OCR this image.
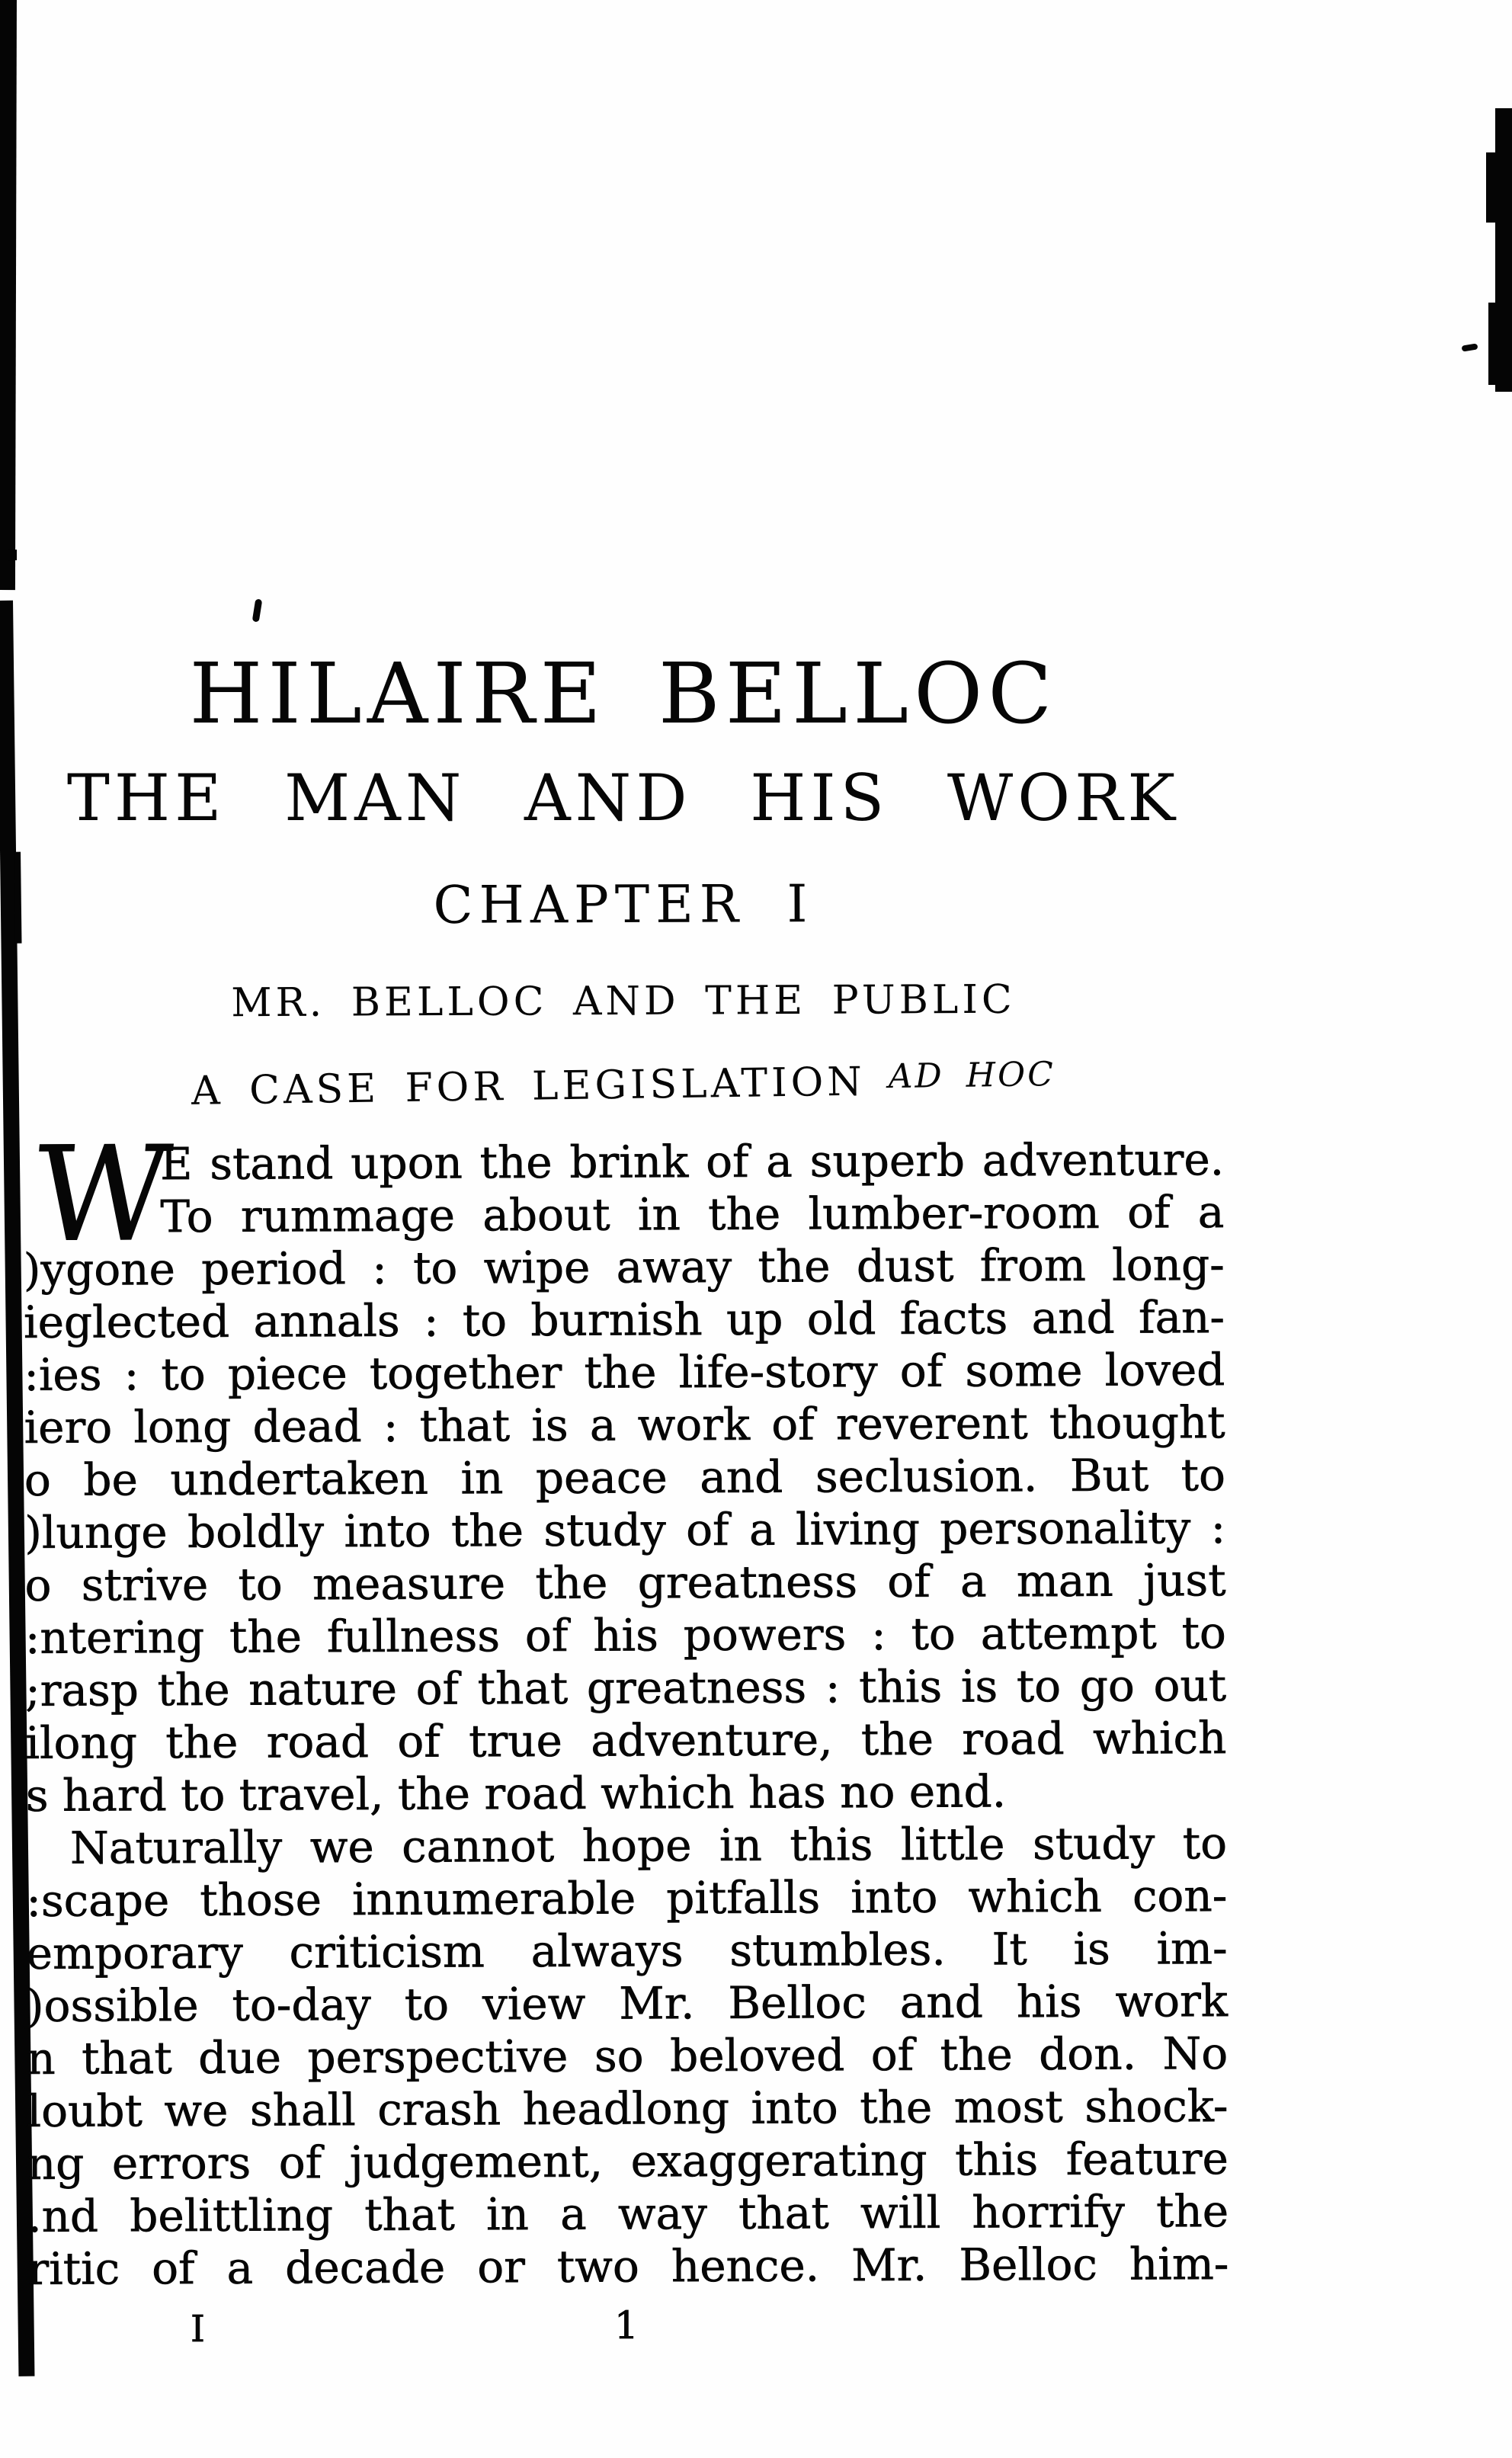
HILAIRE BELLOC
THE MAN AND HIS WORK
CHAPTER I
MR. BELLOC AND THE PUBLIC
A CASE FOR LEGISLATION AD HOC
W
E stand upon the brink of a superb adventure.
To rummage about in the lumber-room of a
)ygone period : to wipe away the dust from long-
ieglected annals : to burnish up old facts and fan-
:ies : to piece together the life-story of some loved
iero long dead : that is a work of reverent thought
o be undertaken in peace and seclusion. But to
)lunge boldly into the study of a living personality :
o strive to measure the greatness of a man just
:ntering the fullness of his powers : to attempt to
;rasp the nature of that greatness : this is to go out
ilong the road of true adventure, the road which
s hard to travel, the road which has no end.
Naturally we cannot hope in this little study to
:scape those innumerable pitfalls into which con-
emporary criticism always stumbles. It is im-
)ossible to-day to view Mr. Belloc and his work
n that due perspective so beloved of the don. No
loubt we shall crash headlong into the most shock-
ng errors of judgement, exaggerating this feature
.nd belittling that in a way that will horrify the
ritic of a decade or two hence. Mr. Belloc him-
I	1
